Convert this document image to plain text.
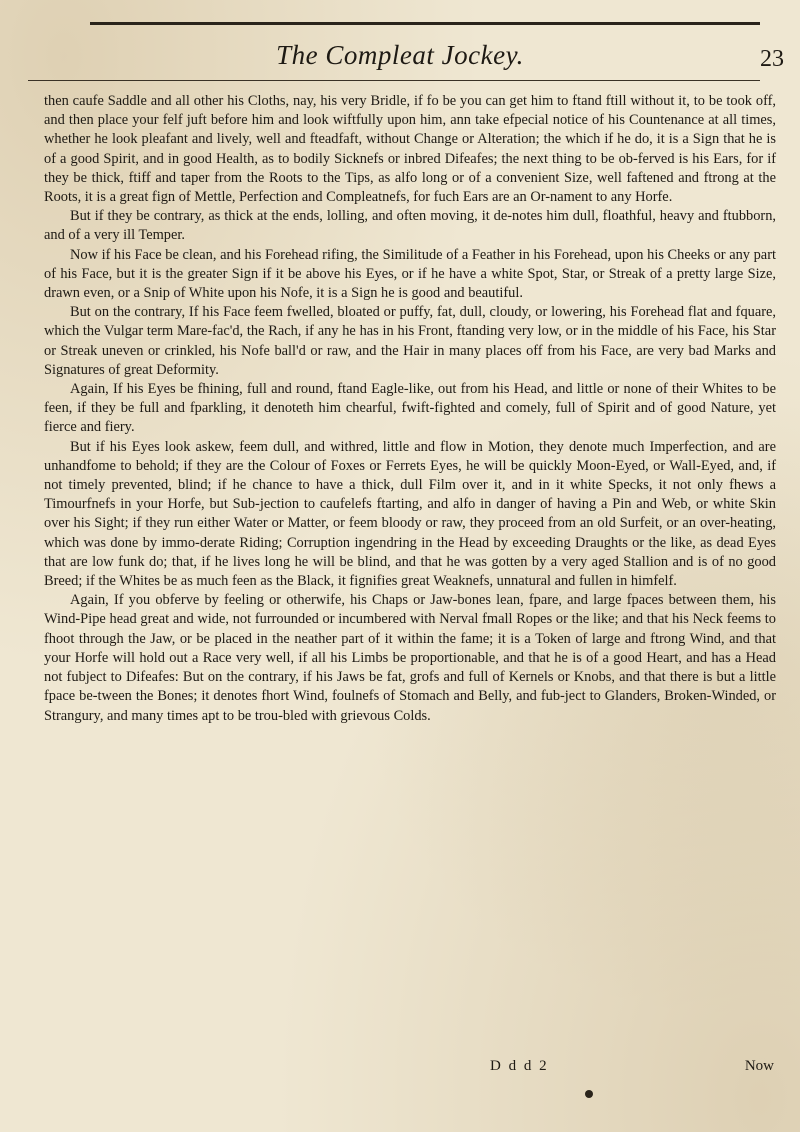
The Compleat Jockey.	23

then caufe Saddle and all other his Cloths, nay, his very Bridle, if fo be you can get him to ftand ftill without it, to be took off, and then place your felf juft before him and look wiftfully upon him, ann take efpecial notice of his Countenance at all times, whether he look pleafant and lively, well and fteadfaft, without Change or Alteration; the which if he do, it is a Sign that he is of a good Spirit, and in good Health, as to bodily Sicknefs or inbred Difeafes; the next thing to be ob-ferved is his Ears, for if they be thick, ftiff and taper from the Roots to the Tips, as alfo long or of a convenient Size, well faftened and ftrong at the Roots, it is a great fign of Mettle, Perfection and Compleatnefs, for fuch Ears are an Or-nament to any Horfe.

But if they be contrary, as thick at the ends, lolling, and often moving, it de-notes him dull, floathful, heavy and ftubborn, and of a very ill Temper.

Now if his Face be clean, and his Forehead rifing, the Similitude of a Feather in his Forehead, upon his Cheeks or any part of his Face, but it is the greater Sign if it be above his Eyes, or if he have a white Spot, Star, or Streak of a pretty large Size, drawn even, or a Snip of White upon his Nofe, it is a Sign he is good and beautiful.

But on the contrary, If his Face feem fwelled, bloated or puffy, fat, dull, cloudy, or lowering, his Forehead flat and fquare, which the Vulgar term Mare-fac'd, the Rach, if any he has in his Front, ftanding very low, or in the middle of his Face, his Star or Streak uneven or crinkled, his Nofe ball'd or raw, and the Hair in many places off from his Face, are very bad Marks and Signatures of great Deformity.

Again, If his Eyes be fhining, full and round, ftand Eagle-like, out from his Head, and little or none of their Whites to be feen, if they be full and fparkling, it denoteth him chearful, fwift-fighted and comely, full of Spirit and of good Nature, yet fierce and fiery.

But if his Eyes look askew, feem dull, and withred, little and flow in Motion, they denote much Imperfection, and are unhandfome to behold; if they are the Colour of Foxes or Ferrets Eyes, he will be quickly Moon-Eyed, or Wall-Eyed, and, if not timely prevented, blind; if he chance to have a thick, dull Film over it, and in it white Specks, it not only fhews a Timourfnefs in your Horfe, but Sub-jection to caufelefs ftarting, and alfo in danger of having a Pin and Web, or white Skin over his Sight; if they run either Water or Matter, or feem bloody or raw, they proceed from an old Surfeit, or an over-heating, which was done by immo-derate Riding; Corruption ingendring in the Head by exceeding Draughts or the like, as dead Eyes that are low funk do; that, if he lives long he will be blind, and that he was gotten by a very aged Stallion and is of no good Breed; if the Whites be as much feen as the Black, it fignifies great Weaknefs, unnatural and fullen in himfelf.

Again, If you obferve by feeling or otherwife, his Chaps or Jaw-bones lean, fpare, and large fpaces between them, his Wind-Pipe head great and wide, not furrounded or incumbered with Nerval fmall Ropes or the like; and that his Neck feems to fhoot through the Jaw, or be placed in the neather part of it within the fame; it is a Token of large and ftrong Wind, and that your Horfe will hold out a Race very well, if all his Limbs be proportionable, and that he is of a good Heart, and has a Head not fubject to Difeafes: But on the contrary, if his Jaws be fat, grofs and full of Kernels or Knobs, and that there is but a little fpace be-tween the Bones; it denotes fhort Wind, foulnefs of Stomach and Belly, and fub-ject to Glanders, Broken-Winded, or Strangury, and many times apt to be trou-bled with grievous Colds.

D d d 2	Now
